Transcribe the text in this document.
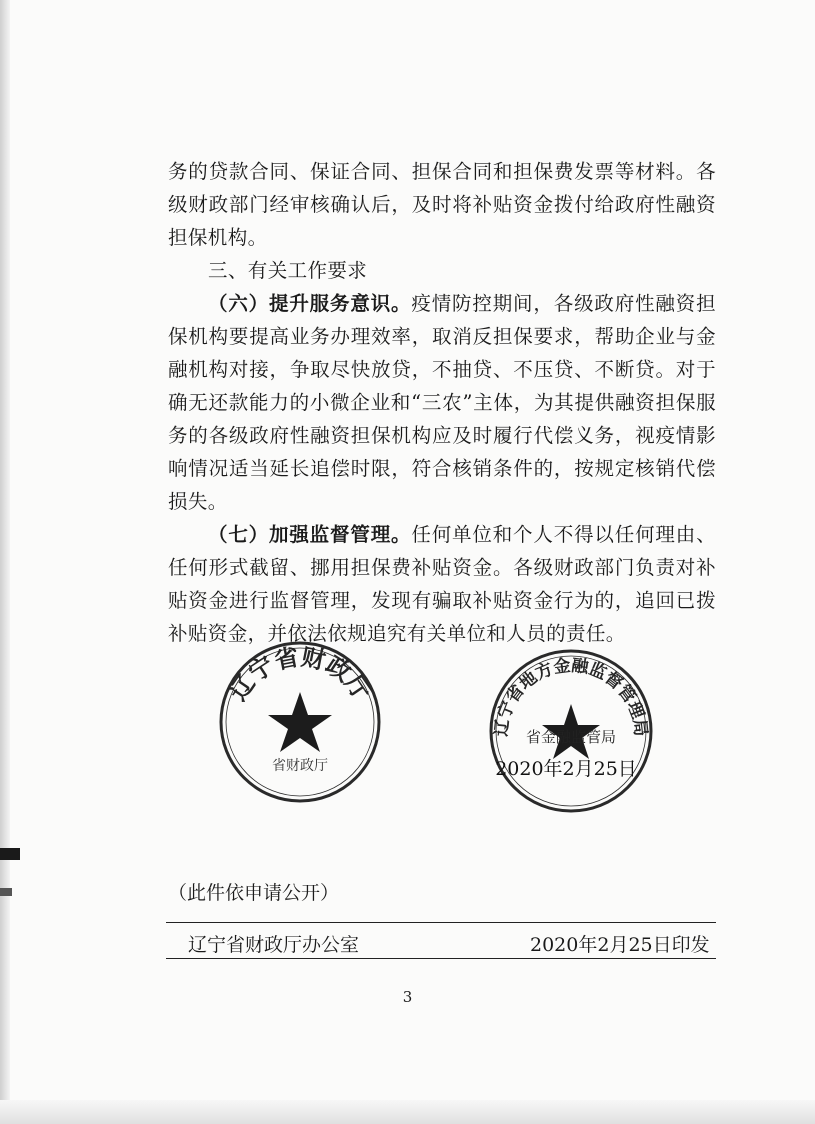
务的贷款合同、保证合同、担保合同和担保费发票等材料。各级财政部门经审核确认后，及时将补贴资金拨付给政府性融资担保机构。

三、有关工作要求

（六）提升服务意识。疫情防控期间，各级政府性融资担保机构要提高业务办理效率，取消反担保要求，帮助企业与金融机构对接，争取尽快放贷，不抽贷、不压贷、不断贷。对于确无还款能力的小微企业和“三农”主体，为其提供融资担保服务的各级政府性融资担保机构应及时履行代偿义务，视疫情影响情况适当延长追偿时限，符合核销条件的，按规定核销代偿损失。

（七）加强监督管理。任何单位和个人不得以任何理由、任何形式截留、挪用担保费补贴资金。各级财政部门负责对补贴资金进行监督管理，发现有骗取补贴资金行为的，追回已拨补贴资金，并依法依规追究有关单位和人员的责任。

辽宁省财政厅
省财政厅
辽宁省地方金融监督管理局
省金融监管局
2020年2月25日
（此件依申请公开）
辽宁省财政厅办公室	2020年2月25日印发
3
